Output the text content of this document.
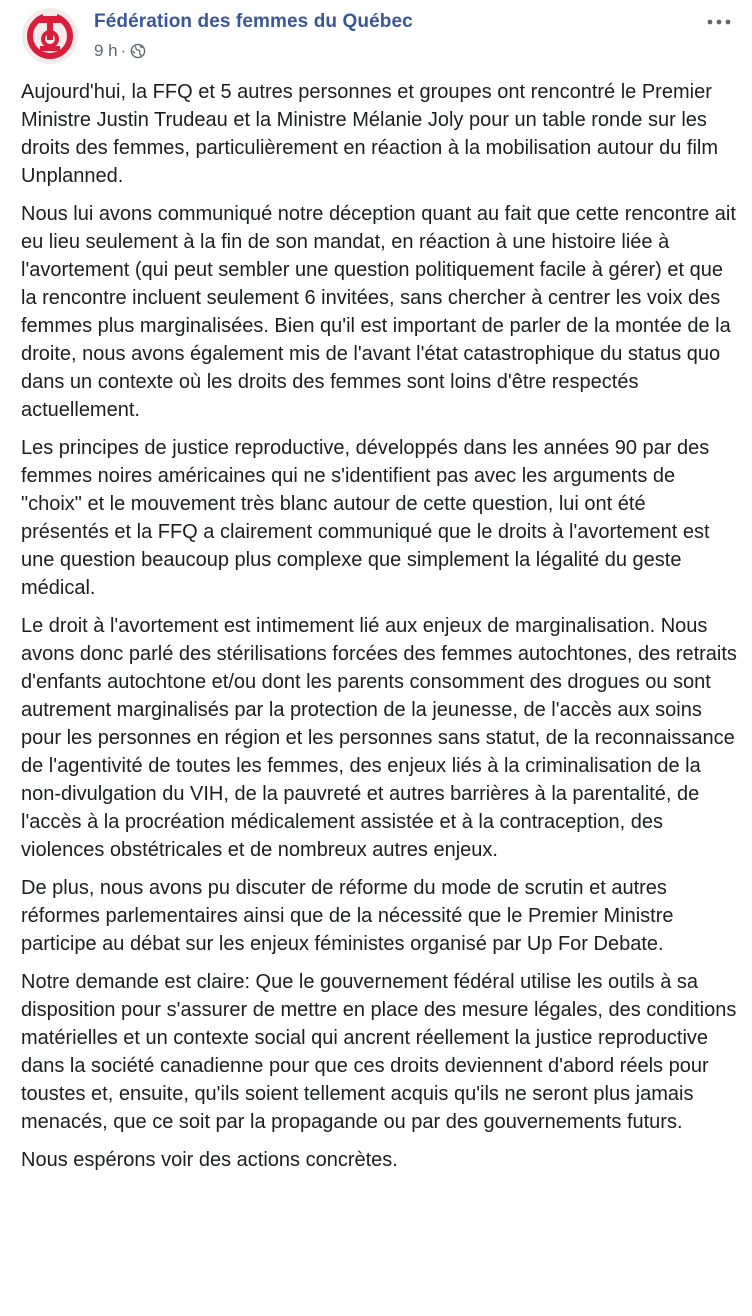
Fédération des femmes du Québec
9 h ·

Aujourd'hui, la FFQ et 5 autres personnes et groupes ont rencontré le Premier Ministre Justin Trudeau et la Ministre Mélanie Joly pour un table ronde sur les droits des femmes, particulièrement en réaction à la mobilisation autour du film Unplanned.

Nous lui avons communiqué notre déception quant au fait que cette rencontre ait eu lieu seulement à la fin de son mandat, en réaction à une histoire liée à l'avortement (qui peut sembler une question politiquement facile à gérer) et que la rencontre incluent seulement 6 invitées, sans chercher à centrer les voix des femmes plus marginalisées. Bien qu'il est important de parler de la montée de la droite, nous avons également mis de l'avant l'état catastrophique du status quo dans un contexte où les droits des femmes sont loins d'être respectés actuellement.

Les principes de justice reproductive, développés dans les années 90 par des femmes noires américaines qui ne s'identifient pas avec les arguments de "choix" et le mouvement très blanc autour de cette question, lui ont été présentés et la FFQ a clairement communiqué que le droits à l'avortement est une question beaucoup plus complexe que simplement la légalité du geste médical.

Le droit à l'avortement est intimement lié aux enjeux de marginalisation. Nous avons donc parlé des stérilisations forcées des femmes autochtones, des retraits d'enfants autochtone et/ou dont les parents consomment des drogues ou sont autrement marginalisés par la protection de la jeunesse, de l'accès aux soins pour les personnes en région et les personnes sans statut, de la reconnaissance de l'agentivité de toutes les femmes, des enjeux liés à la criminalisation de la non-divulgation du VIH, de la pauvreté et autres barrières à la parentalité, de l'accès à la procréation médicalement assistée et à la contraception, des violences obstétricales et de nombreux autres enjeux.

De plus, nous avons pu discuter de réforme du mode de scrutin et autres réformes parlementaires ainsi que de la nécessité que le Premier Ministre participe au débat sur les enjeux féministes organisé par Up For Debate.

Notre demande est claire: Que le gouvernement fédéral utilise les outils à sa disposition pour s'assurer de mettre en place des mesure légales, des conditions matérielles et un contexte social qui ancrent réellement la justice reproductive dans la société canadienne pour que ces droits deviennent d'abord réels pour toustes et, ensuite, qu'ils soient tellement acquis qu'ils ne seront plus jamais menacés, que ce soit par la propagande ou par des gouvernements futurs.

Nous espérons voir des actions concrètes.
